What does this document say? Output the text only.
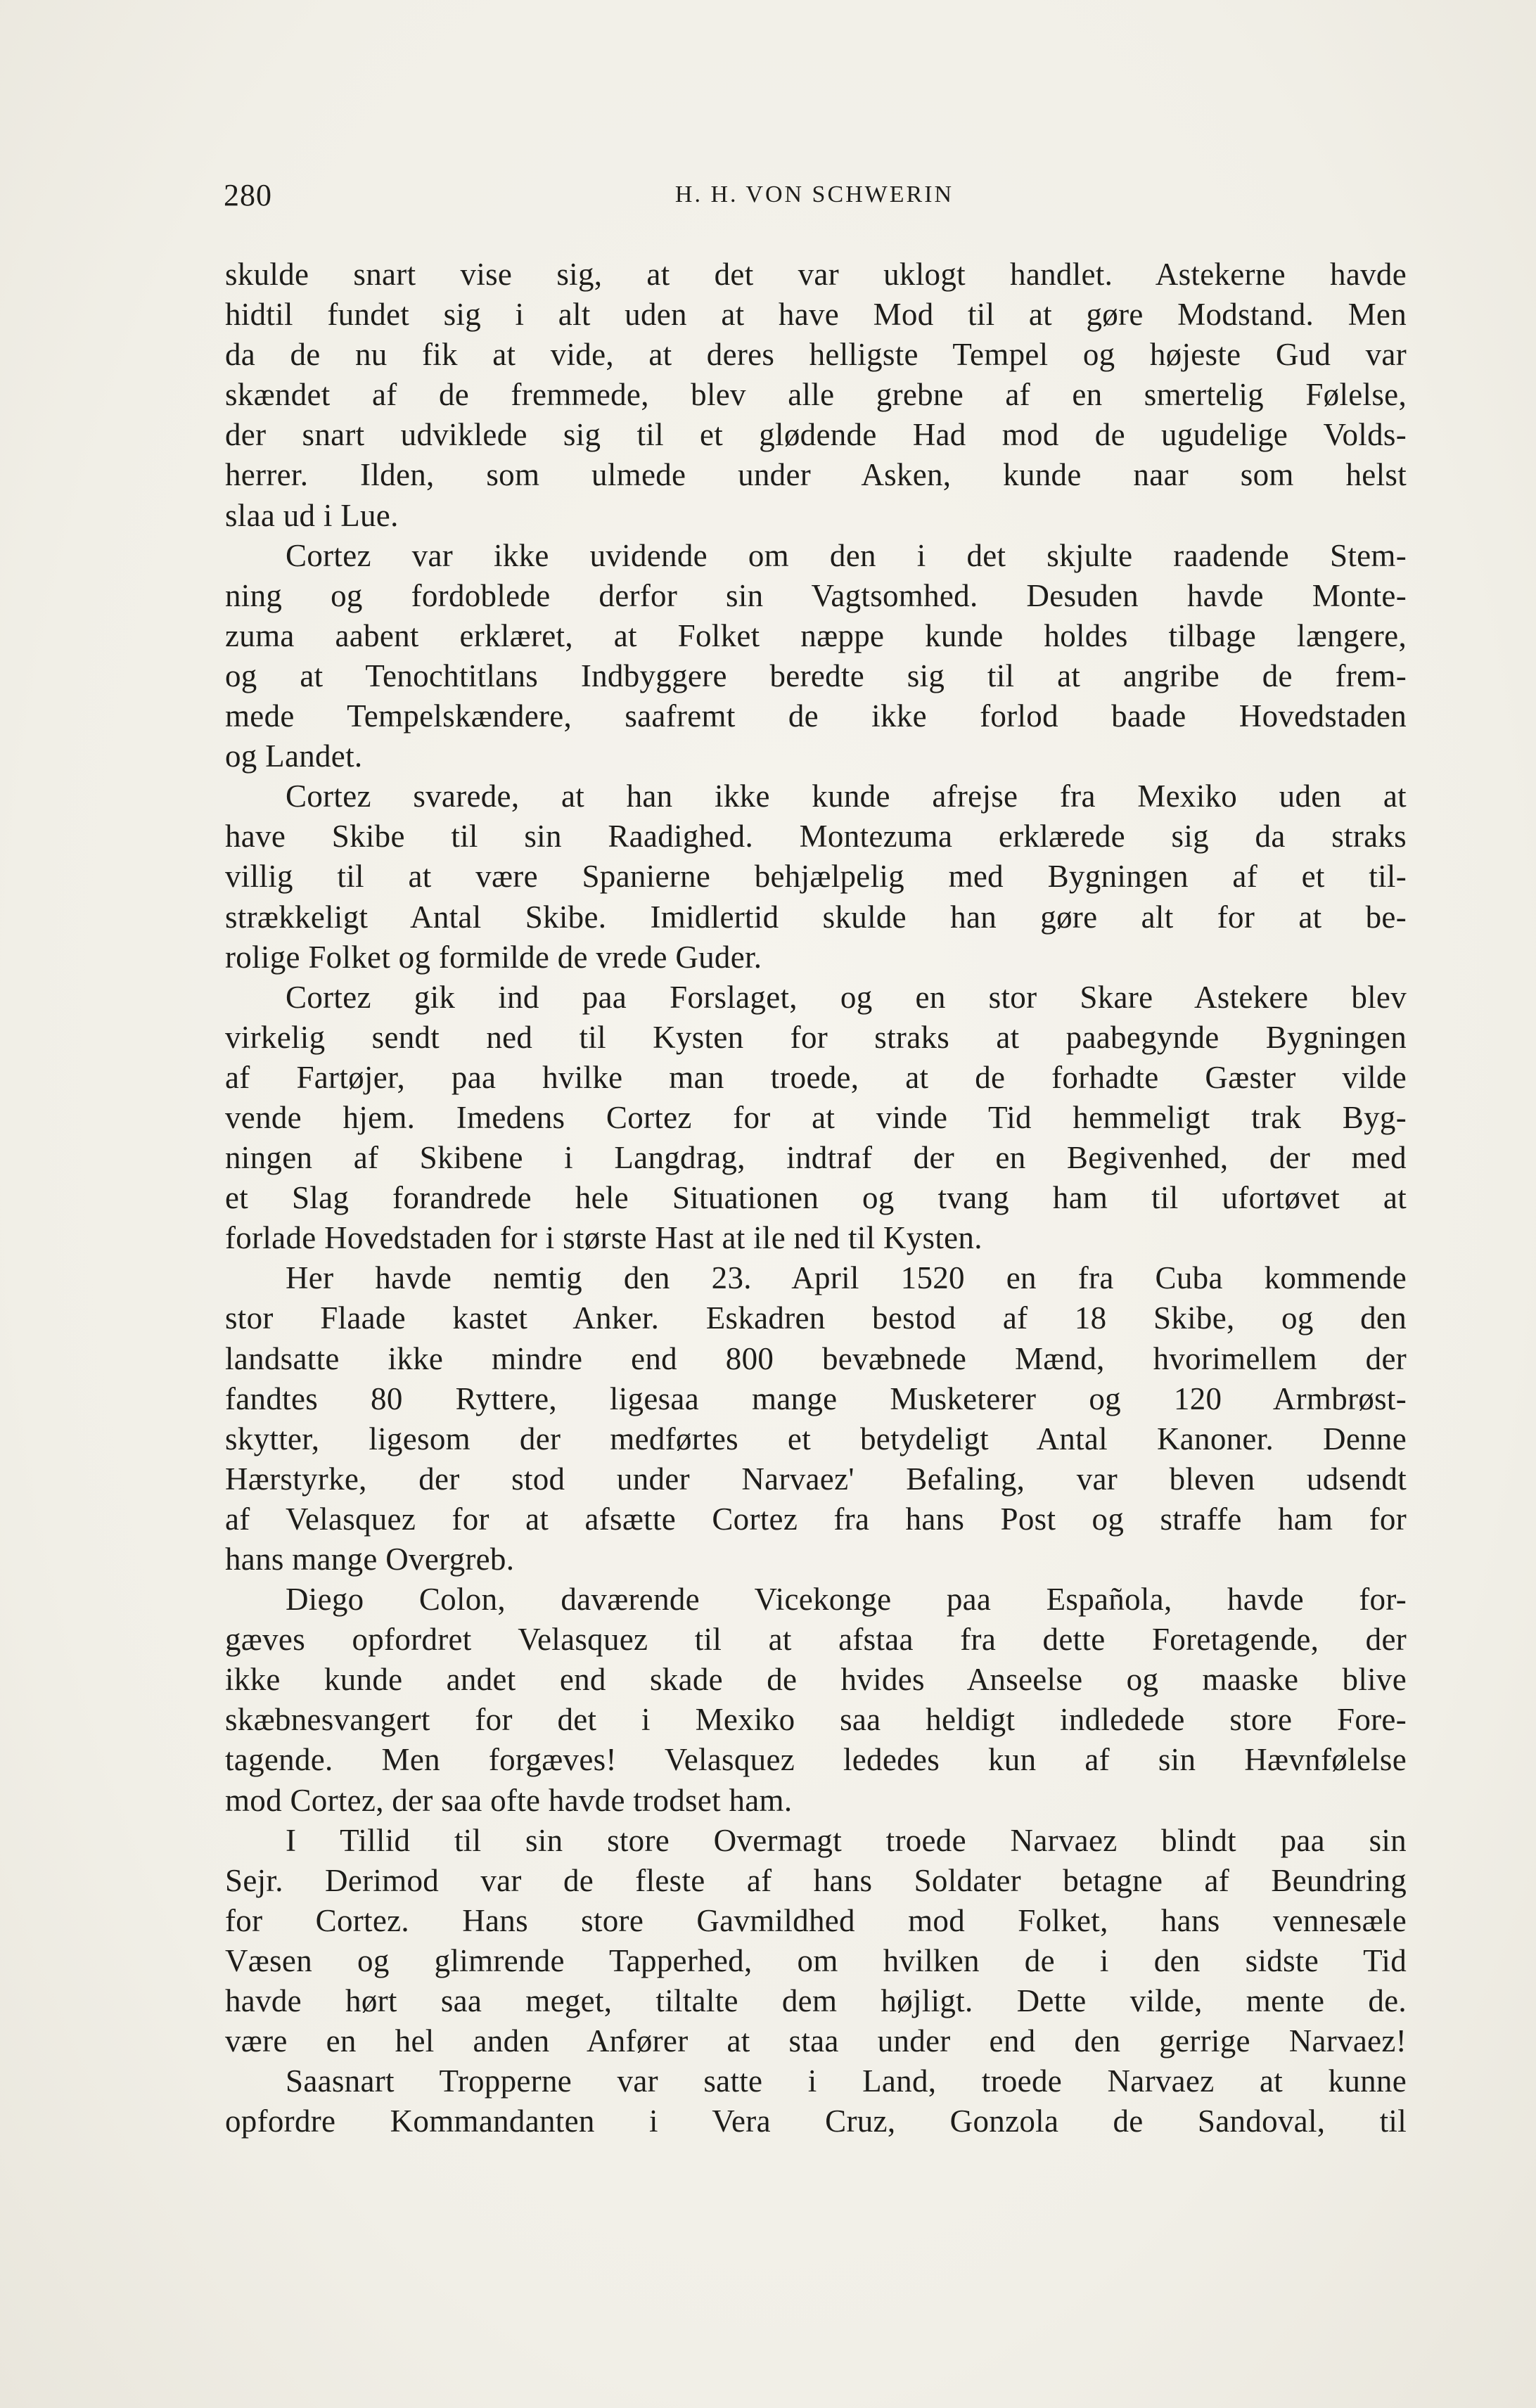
280	H. H. VON SCHWERIN
skulde snart vise sig, at det var uklogt handlet. Astekerne havde
hidtil fundet sig i alt uden at have Mod til at gøre Modstand. Men
da de nu fik at vide, at deres helligste Tempel og højeste Gud var
skændet af de fremmede, blev alle grebne af en smertelig Følelse,
der snart udviklede sig til et glødende Had mod de ugudelige Volds-
herrer. Ilden, som ulmede under Asken, kunde naar som helst
slaa ud i Lue.
Cortez var ikke uvidende om den i det skjulte raadende Stem-
ning og fordoblede derfor sin Vagtsomhed. Desuden havde Monte-
zuma aabent erklæret, at Folket næppe kunde holdes tilbage længere,
og at Tenochtitlans Indbyggere beredte sig til at angribe de frem-
mede Tempelskændere, saafremt de ikke forlod baade Hovedstaden
og Landet.
Cortez svarede, at han ikke kunde afrejse fra Mexiko uden at
have Skibe til sin Raadighed. Montezuma erklærede sig da straks
villig til at være Spanierne behjælpelig med Bygningen af et til-
strækkeligt Antal Skibe. Imidlertid skulde han gøre alt for at be-
rolige Folket og formilde de vrede Guder.
Cortez gik ind paa Forslaget, og en stor Skare Astekere blev
virkelig sendt ned til Kysten for straks at paabegynde Bygningen
af Fartøjer, paa hvilke man troede, at de forhadte Gæster vilde
vende hjem. Imedens Cortez for at vinde Tid hemmeligt trak Byg-
ningen af Skibene i Langdrag, indtraf der en Begivenhed, der med
et Slag forandrede hele Situationen og tvang ham til ufortøvet at
forlade Hovedstaden for i største Hast at ile ned til Kysten.
Her havde nemtig den 23. April 1520 en fra Cuba kommende
stor Flaade kastet Anker. Eskadren bestod af 18 Skibe, og den
landsatte ikke mindre end 800 bevæbnede Mænd, hvorimellem der
fandtes 80 Ryttere, ligesaa mange Musketerer og 120 Armbrøst-
skytter, ligesom der medførtes et betydeligt Antal Kanoner. Denne
Hærstyrke, der stod under Narvaez' Befaling, var bleven udsendt
af Velasquez for at afsætte Cortez fra hans Post og straffe ham for
hans mange Overgreb.
Diego Colon, daværende Vicekonge paa Española, havde for-
gæves opfordret Velasquez til at afstaa fra dette Foretagende, der
ikke kunde andet end skade de hvides Anseelse og maaske blive
skæbnesvangert for det i Mexiko saa heldigt indledede store Fore-
tagende. Men forgæves! Velasquez lededes kun af sin Hævnfølelse
mod Cortez, der saa ofte havde trodset ham.
I Tillid til sin store Overmagt troede Narvaez blindt paa sin
Sejr. Derimod var de fleste af hans Soldater betagne af Beundring
for Cortez. Hans store Gavmildhed mod Folket, hans vennesæle
Væsen og glimrende Tapperhed, om hvilken de i den sidste Tid
havde hørt saa meget, tiltalte dem højligt. Dette vilde, mente de.
være en hel anden Anfører at staa under end den gerrige Narvaez!
Saasnart Tropperne var satte i Land, troede Narvaez at kunne
opfordre Kommandanten i Vera Cruz, Gonzola de Sandoval, til
